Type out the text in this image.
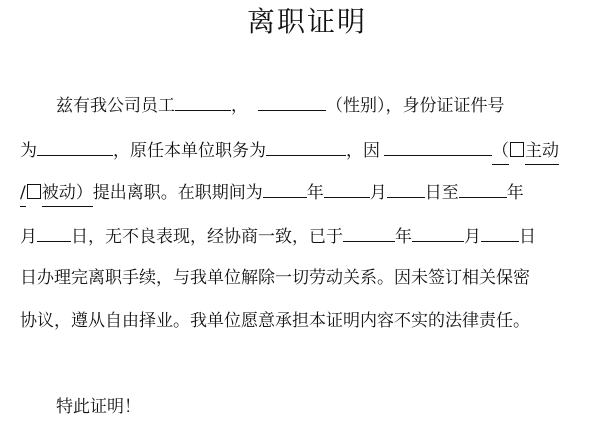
离职证明
兹有我公司员工	，	（性别），身份证证件号
为	，原任本单位职务为	，因	（ 主动
/ 被动） 提出离职。在职期间为	年	月 日至	年
月 日，无不良表现，经协商一致，已于	年	月 日
日办理完离职手续，与我单位解除一切劳动关系。因未签订相关保密
协议，遵从自由择业。我单位愿意承担本证明内容不实的法律责任。
特此证明！
